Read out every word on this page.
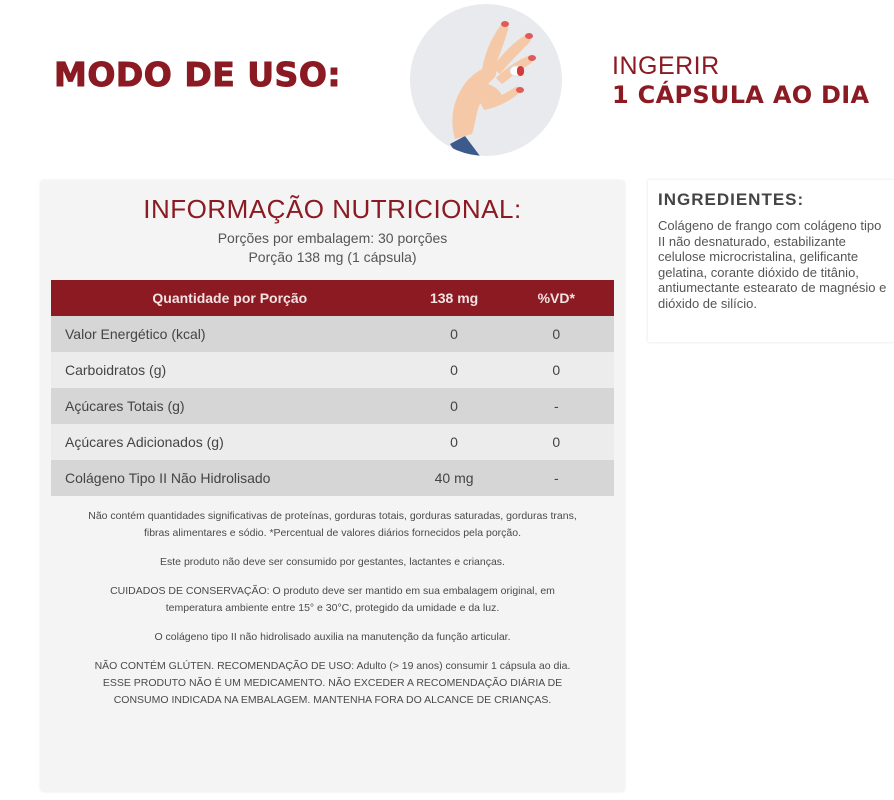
MODO DE USO:	INGERIR
1 CÁPSULA AO DIA
INFORMAÇÃO NUTRICIONAL:
Porções por embalagem: 30 porções
Porção 138 mg (1 cápsula)
Quantidade por Porção	138 mg	%VD*
Valor Energético (kcal)	0	0
Carboidratos (g)	0	0
Açúcares Totais (g)	0	-
Açúcares Adicionados (g)	0	0
Colágeno Tipo II Não Hidrolisado	40 mg	-

Não contém quantidades significativas de proteínas, gorduras totais, gorduras saturadas, gorduras trans, fibras alimentares e sódio. *Percentual de valores diários fornecidos pela porção.

Este produto não deve ser consumido por gestantes, lactantes e crianças.

CUIDADOS DE CONSERVAÇÃO: O produto deve ser mantido em sua embalagem original, em temperatura ambiente entre 15° e 30°C, protegido da umidade e da luz.

O colágeno tipo II não hidrolisado auxilia na manutenção da função articular.

NÃO CONTÉM GLÚTEN. RECOMENDAÇÃO DE USO: Adulto (> 19 anos) consumir 1 cápsula ao dia. ESSE PRODUTO NÃO É UM MEDICAMENTO. NÃO EXCEDER A RECOMENDAÇÃO DIÁRIA DE CONSUMO INDICADA NA EMBALAGEM. MANTENHA FORA DO ALCANCE DE CRIANÇAS.

INGREDIENTES:
Colágeno de frango com colágeno tipo II não desnaturado, estabilizante celulose microcristalina, gelificante gelatina, corante dióxido de titânio, antiumectante estearato de magnésio e dióxido de silício.
